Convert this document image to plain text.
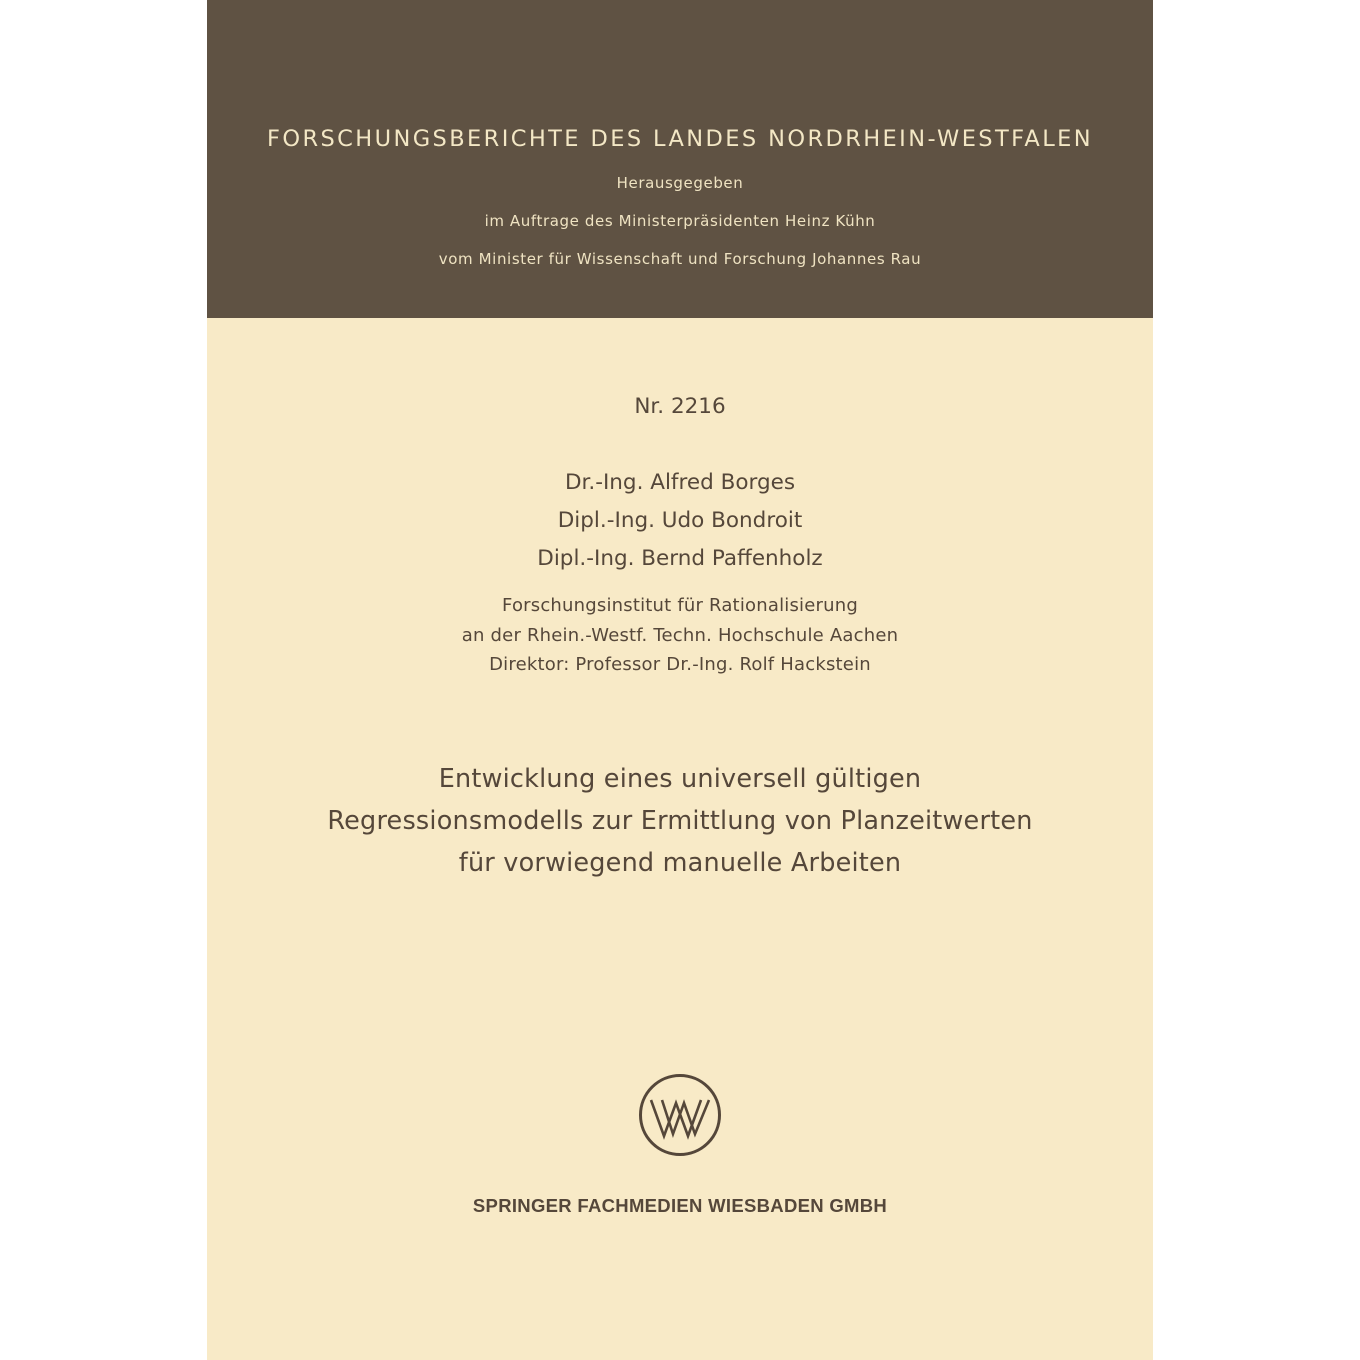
FORSCHUNGSBERICHTE DES LANDES NORDRHEIN-WESTFALEN
Herausgegeben
im Auftrage des Ministerpräsidenten Heinz Kühn
vom Minister für Wissenschaft und Forschung Johannes Rau
Nr. 2216
Dr.-Ing. Alfred Borges
Dipl.-Ing. Udo Bondroit
Dipl.-Ing. Bernd Paffenholz
Forschungsinstitut für Rationalisierung
an der Rhein.-Westf. Techn. Hochschule Aachen
Direktor: Professor Dr.-Ing. Rolf Hackstein
Entwicklung eines universell gültigen
Regressionsmodells zur Ermittlung von Planzeitwerten
für vorwiegend manuelle Arbeiten
SPRINGER FACHMEDIEN WIESBADEN GMBH
